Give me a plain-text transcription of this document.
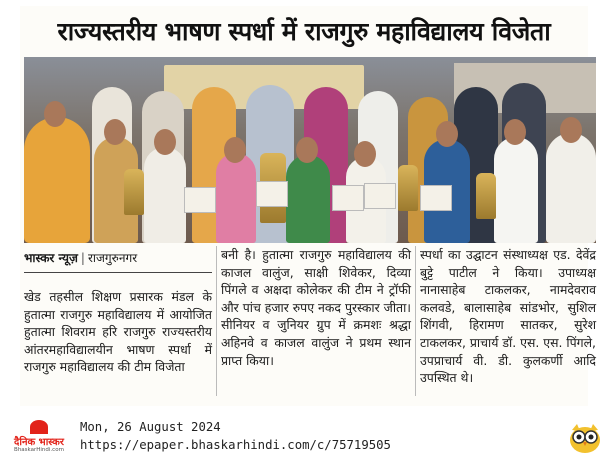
राज्यस्तरीय भाषण स्पर्धा में राजगुरु महाविद्यालय विजेता
भास्कर न्यूज़ | राजगुरुनगर

खेड तहसील शिक्षण प्रसारक मंडल के हुतात्मा राजगुरु महाविद्यालय में आयोजित हुतात्मा शिवराम हरि राजगुरु राज्यस्तरीय आंतरमहाविद्यालयीन भाषण स्पर्धा में राजगुरु महाविद्यालय की टीम विजेता

बनी है। हुतात्मा राजगुरु महाविद्यालय की काजल वालुंज, साक्षी शिवेकर, दिव्या पिंगले व अक्षदा कोलेकर की टीम ने ट्रॉफी और पांच हजार रुपए नकद पुरस्कार जीता। सीनियर व जुनियर ग्रुप में क्रमशः श्रद्धा अहिनवे व काजल वालुंज ने प्रथम स्थान प्राप्त किया।

स्पर्धा का उद्घाटन संस्थाध्यक्ष एड. देवेंद्र बुट्टे पाटील ने किया। उपाध्यक्ष नानासाहेब टाकलकर, नामदेवराव कलवडे, बालासाहेब सांडभोर, सुशिल शिंगवी, हिरामण सातकर, सुरेश टाकलकर, प्राचार्य डॉ. एस. एस. पिंगले, उपप्राचार्य वी. डी. कुलकर्णी आदि उपस्थित थे।

दैनिक भास्कर
BhaskarHindi.com
Mon, 26 August 2024
https://epaper.bhaskarhindi.com/c/75719505
